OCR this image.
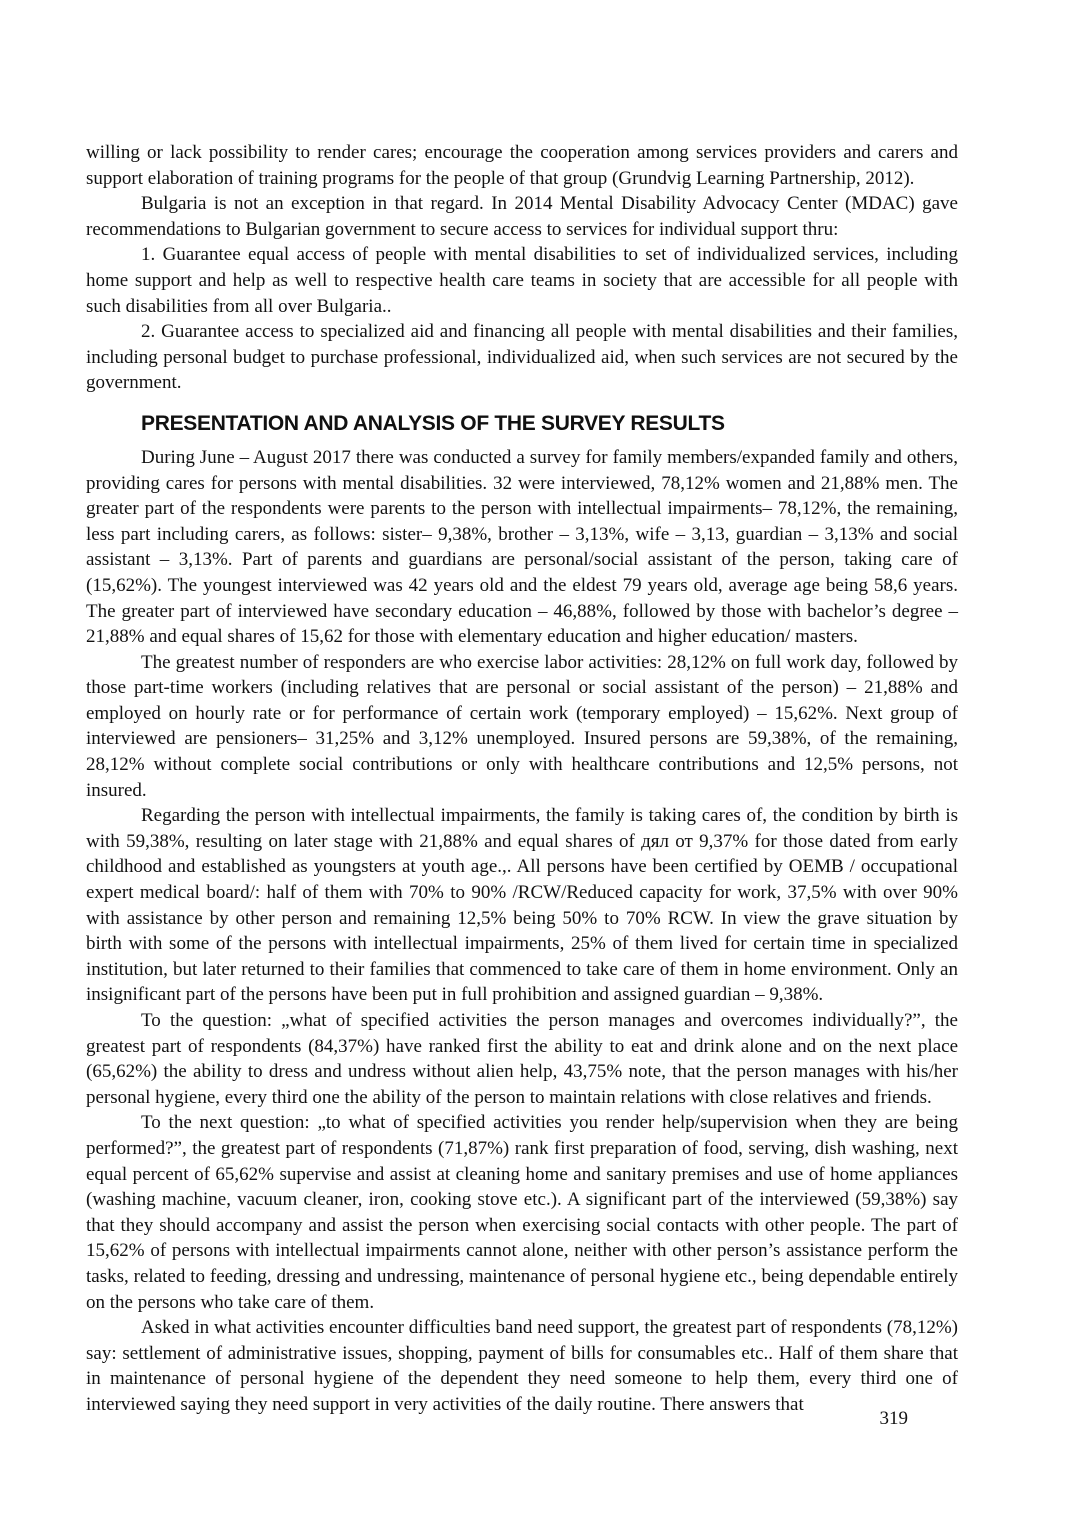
willing or lack possibility to render cares; encourage the cooperation among services providers and carers and support elaboration of training programs for the people of that group (Grundvig Learning Partnership, 2012).

Bulgaria is not an exception in that regard. In 2014 Mental Disability Advocacy Center (MDAC) gave recommendations to Bulgarian government to secure access to services for individual support thru:

1. Guarantee equal access of people with mental disabilities to set of individualized services, including home support and help as well to respective health care teams in society that are accessible for all people with such disabilities from all over Bulgaria..

2. Guarantee access to specialized aid and financing all people with mental disabilities and their families, including personal budget to purchase professional, individualized aid, when such services are not secured by the government.

PRESENTATION AND ANALYSIS OF THE SURVEY RESULTS

During June – August 2017 there was conducted a survey for family members/expanded family and others, providing cares for persons with mental disabilities. 32 were interviewed, 78,12% women and 21,88% men. The greater part of the respondents were parents to the person with intellectual impairments– 78,12%, the remaining, less part including carers, as follows: sister– 9,38%, brother – 3,13%, wife – 3,13, guardian – 3,13% and social assistant – 3,13%. Part of parents and guardians are personal/social assistant of the person, taking care of (15,62%). The youngest interviewed was 42 years old and the eldest 79 years old, average age being 58,6 years. The greater part of interviewed have secondary education – 46,88%, followed by those with bachelor’s degree – 21,88% and equal shares of 15,62 for those with elementary education and higher education/ masters.

The greatest number of responders are who exercise labor activities: 28,12% on full work day, followed by those part-time workers (including relatives that are personal or social assistant of the person) – 21,88% and employed on hourly rate or for performance of certain work (temporary employed) – 15,62%. Next group of interviewed are pensioners– 31,25% and 3,12% unemployed. Insured persons are 59,38%, of the remaining, 28,12% without complete social contributions or only with healthcare contributions and 12,5% persons, not insured.

Regarding the person with intellectual impairments, the family is taking cares of, the condition by birth is with 59,38%, resulting on later stage with 21,88% and equal shares of дял от 9,37% for those dated from early childhood and established as youngsters at youth age.,. All persons have been certified by OEMB / occupational expert medical board/: half of them with 70% to 90% /RCW/Reduced capacity for work, 37,5% with over 90% with assistance by other person and remaining 12,5% being 50% to 70% RCW. In view the grave situation by birth with some of the persons with intellectual impairments, 25% of them lived for certain time in specialized institution, but later returned to their families that commenced to take care of them in home environment. Only an insignificant part of the persons have been put in full prohibition and assigned guardian – 9,38%.

To the question: „what of specified activities the person manages and overcomes individually?”, the greatest part of respondents (84,37%) have ranked first the ability to eat and drink alone and on the next place (65,62%) the ability to dress and undress without alien help, 43,75% note, that the person manages with his/her personal hygiene, every third one the ability of the person to maintain relations with close relatives and friends.

To the next question: „to what of specified activities you render help/supervision when they are being performed?”, the greatest part of respondents (71,87%) rank first preparation of food, serving, dish washing, next equal percent of 65,62% supervise and assist at cleaning home and sanitary premises and use of home appliances (washing machine, vacuum cleaner, iron, cooking stove etc.). A significant part of the interviewed (59,38%) say that they should accompany and assist the person when exercising social contacts with other people. The part of 15,62% of persons with intellectual impairments cannot alone, neither with other person’s assistance perform the tasks, related to feeding, dressing and undressing, maintenance of personal hygiene etc., being dependable entirely on the persons who take care of them.

Asked in what activities encounter difficulties band need support, the greatest part of respondents (78,12%) say: settlement of administrative issues, shopping, payment of bills for consumables etc.. Half of them share that in maintenance of personal hygiene of the dependent they need someone to help them, every third one of interviewed saying they need support in very activities of the daily routine. There answers that

319
